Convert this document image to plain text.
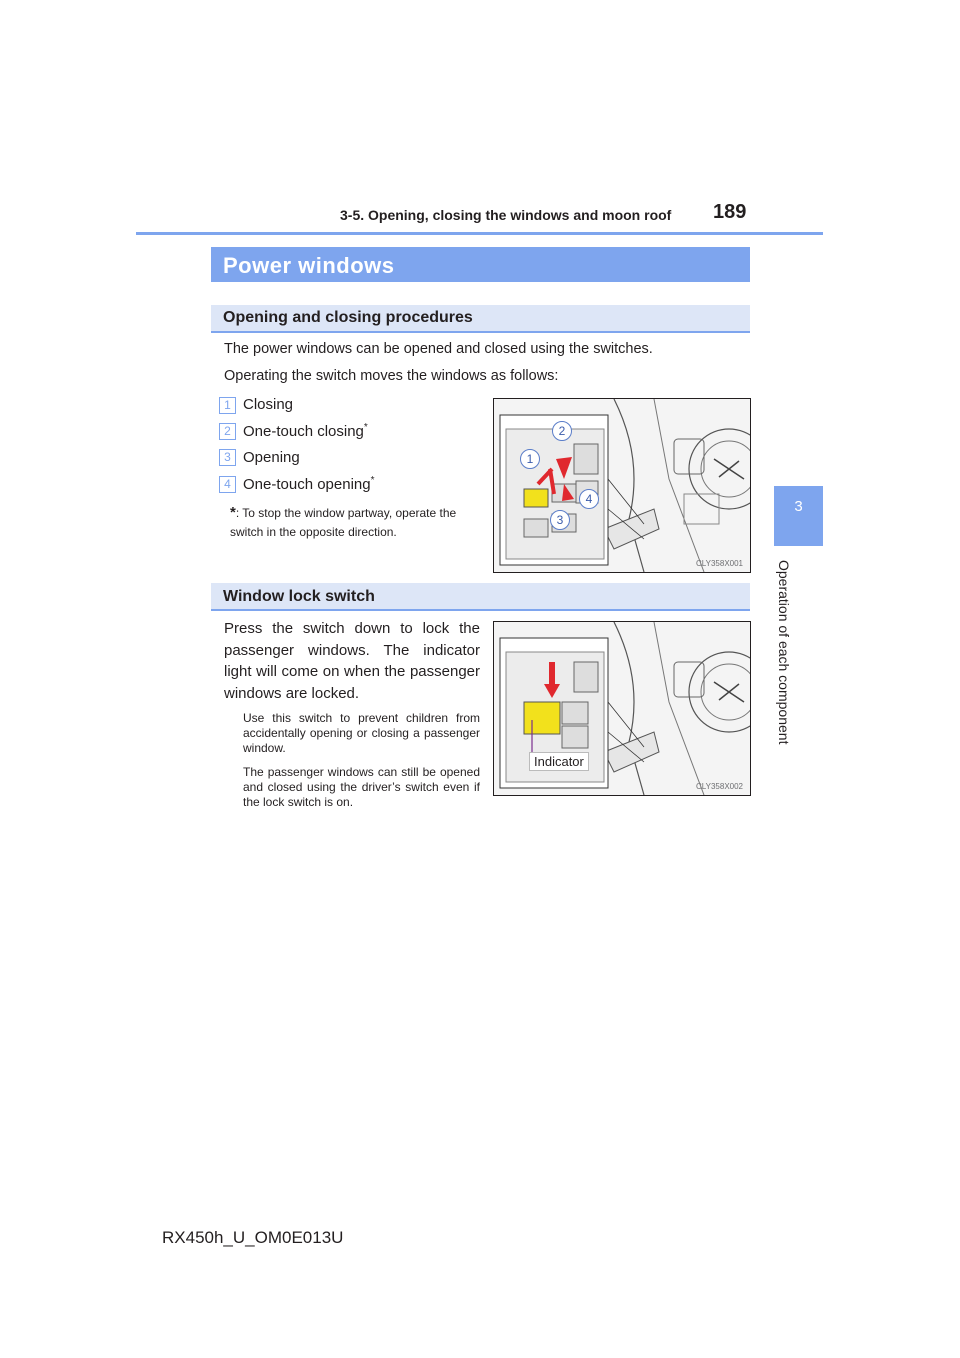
3-5. Opening, closing the windows and moon roof 189
3
Operation of each component
Power windows
Opening and closing procedures
The power windows can be opened and closed using the switches.
Operating the switch moves the windows as follows:
1 Closing
2 One-touch closing*
3 Opening
4 One-touch opening*
*: To stop the window partway, operate the switch in the opposite direction.
1
2
3
4
CLY358X001
Window lock switch
Press the switch down to lock the passenger windows. The indicator light will come on when the passenger windows are locked.
Use this switch to prevent children from accidentally opening or closing a passenger window.
The passenger windows can still be opened and closed using the driver’s switch even if the lock switch is on.
Indicator
CLY358X002
RX450h_U_OM0E013U
